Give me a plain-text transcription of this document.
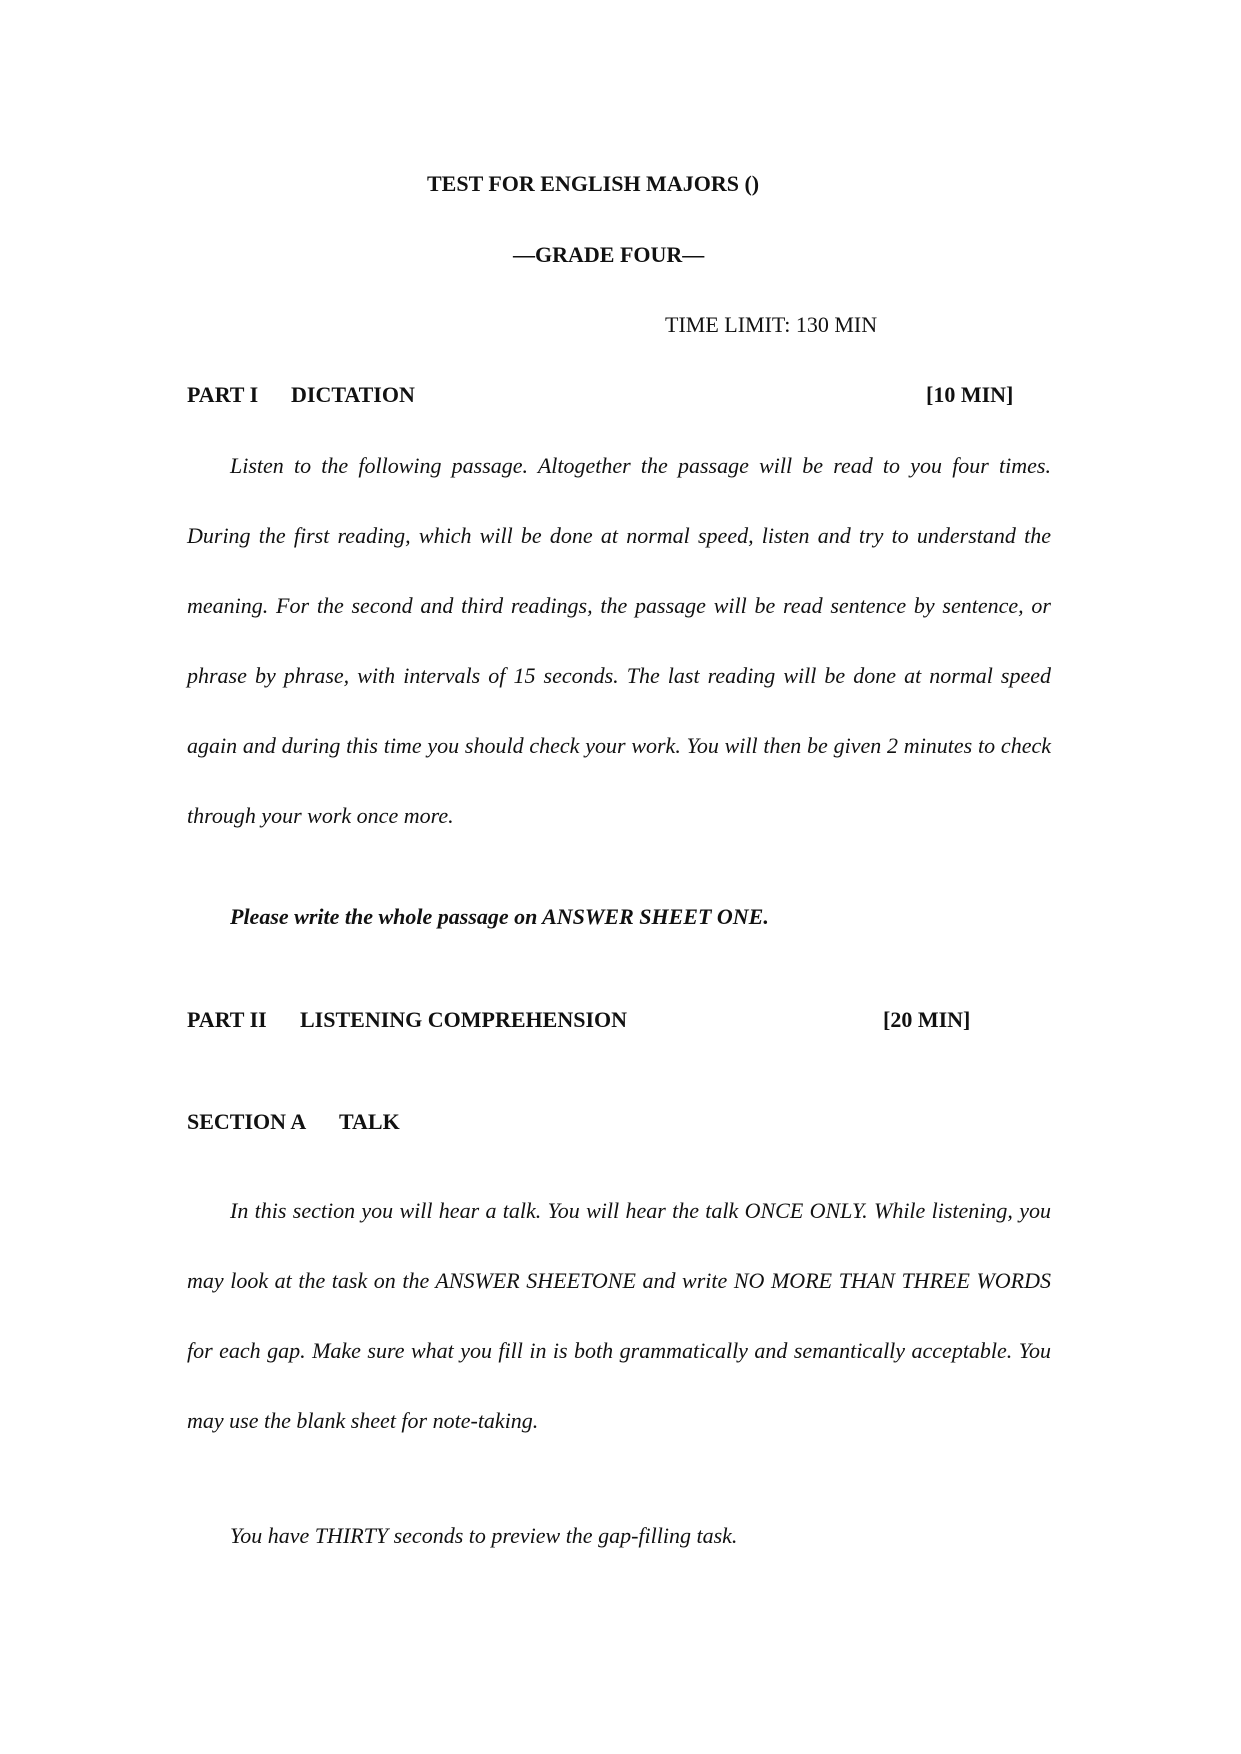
TEST FOR ENGLISH MAJORS ()
—GRADE FOUR—
TIME LIMIT: 130 MIN
PART I DICTATION	[10 MIN]

Listen to the following passage. Altogether the passage will be read to you four times. During the first reading, which will be done at normal speed, listen and try to understand the meaning. For the second and third readings, the passage will be read sentence by sentence, or phrase by phrase, with intervals of 15 seconds. The last reading will be done at normal speed again and during this time you should check your work. You will then be given 2 minutes to check through your work once more.

Please write the whole passage on ANSWER SHEET ONE.
PART II LISTENING COMPREHENSION	[20 MIN]
SECTION A TALK

In this section you will hear a talk. You will hear the talk ONCE ONLY. While listening, you may look at the task on the ANSWER SHEETONE and write NO MORE THAN THREE WORDS for each gap. Make sure what you fill in is both grammatically and semantically acceptable. You may use the blank sheet for note-taking.

You have THIRTY seconds to preview the gap-filling task.
